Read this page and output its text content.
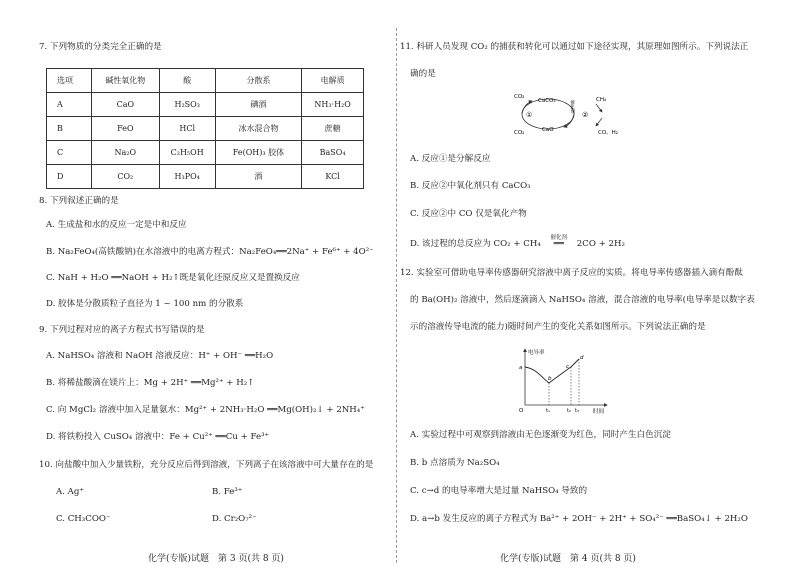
7. 下列物质的分类完全正确的是
选项	碱性氧化物	酸	分散系	电解质
A	CaO	H₂SO₃	碘酒	NH₃·H₂O
B	FeO	HCl	冰水混合物	蔗糖
C	Na₂O	C₂H₅OH	Fe(OH)₃ 胶体	BaSO₄
D	CO₂	H₃PO₄	酒	KCl
8. 下列叙述正确的是
A. 生成盐和水的反应一定是中和反应
B. Na₂FeO₄(高铁酸钠)在水溶液中的电离方程式：Na₂FeO₄══2Na⁺ + Fe⁶⁺ + 4O²⁻
C. NaH + H₂O ══NaOH + H₂↑既是氧化还原反应又是置换反应
D. 胶体是分散质粒子直径为 1 ~ 100 nm 的分散系
9. 下列过程对应的离子方程式书写错误的是
A. NaHSO₄ 溶液和 NaOH 溶液反应：H⁺ + OH⁻ ══H₂O
B. 将稀盐酸滴在镁片上：Mg + 2H⁺ ══Mg²⁺ + H₂↑
C. 向 MgCl₂ 溶液中加入足量氨水：Mg²⁺ + 2NH₃·H₂O ══Mg(OH)₂↓ + 2NH₄⁺
D. 将铁粉投入 CuSO₄ 溶液中：Fe + Cu²⁺ ══Cu + Fe³⁺
10. 向盐酸中加入少量铁粉，充分反应后得到溶液，下列离子在该溶液中可大量存在的是
A. Ag⁺	B. Fe³⁺
C. CH₃COO⁻	D. Cr₂O₇²⁻
化学(专版)试题　第 3 页(共 8 页)
11. 科研人员发现 CO₂ 的捕获和转化可以通过如下途径实现，其原理如图所示。下列说法正
确的是
CaCO₃
CaO
CO₂
CO₂
①	②
催化剂	CH₄
CO、H₂
A. 反应①是分解反应
B. 反应②中氧化剂只有 CaCO₃
C. 反应②中 CO 仅是氧化产物
D. 该过程的总反应为 CO₂ + CH₄
催化剂
══ 2CO + 2H₂
12. 实验室可借助电导率传感器研究溶液中离子反应的实质。将电导率传感器插入滴有酚酞
的 Ba(OH)₂ 溶液中，然后逐滴滴入 NaHSO₄ 溶液，混合溶液的电导率(电导率是以数字表
示的溶液传导电流的能力)随时间产生的变化关系如图所示。下列说法正确的是
电导率
时间
O
a
b
c
d
t₁	t₂ t₃
A. 实验过程中可观察到溶液由无色逐渐变为红色，同时产生白色沉淀
B. b 点溶质为 Na₂SO₄
C. c→d 的电导率增大是过量 NaHSO₄ 导致的
D. a→b 发生反应的离子方程式为 Ba²⁺ + 2OH⁻ + 2H⁺ + SO₄²⁻ ══BaSO₄↓ + 2H₂O
化学(专版)试题　第 4 页(共 8 页)
